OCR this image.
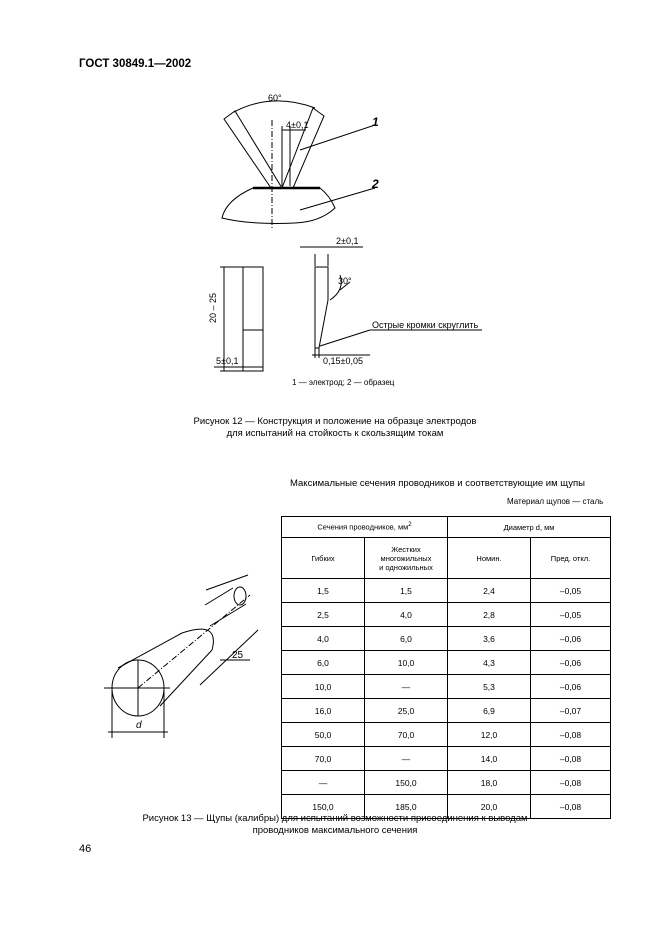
ГОСТ 30849.1—2002
60°
4±0,1	1
2
2±0,1
20 – 25
5±0,1
30°
Острые кромки скруглить
0,15±0,05
1 — электрод; 2 — образец
Рисунок 12 — Конструкция и положение на образце электродов
для испытаний на стойкость к скользящим токам
Максимальные сечения проводников и соответствующие им щупы
Материал щупов — сталь
Сечения проводников, $мм^2$		Диаметр d, мм	
Гибких	Жестких
многожильных
и одножильных	Номин.	Пред. откл.
1,5	1,5	2,4	–0,05
2,5	4,0	2,8	–0,05
4,0	6,0	3,6	–0,06
6,0	10,0	4,3	–0,06
10,0	—	5,3	–0,06
16,0	25,0	6,9	–0,07
50,0	70,0	12,0	–0,08
70,0	—	14,0	–0,08
—	150,0	18,0	–0,08
150,0	185,0	20,0	–0,08
25
d
Рисунок 13 — Щупы (калибры) для испытаний возможности присоединения к выводам
проводников максимального сечения
46
